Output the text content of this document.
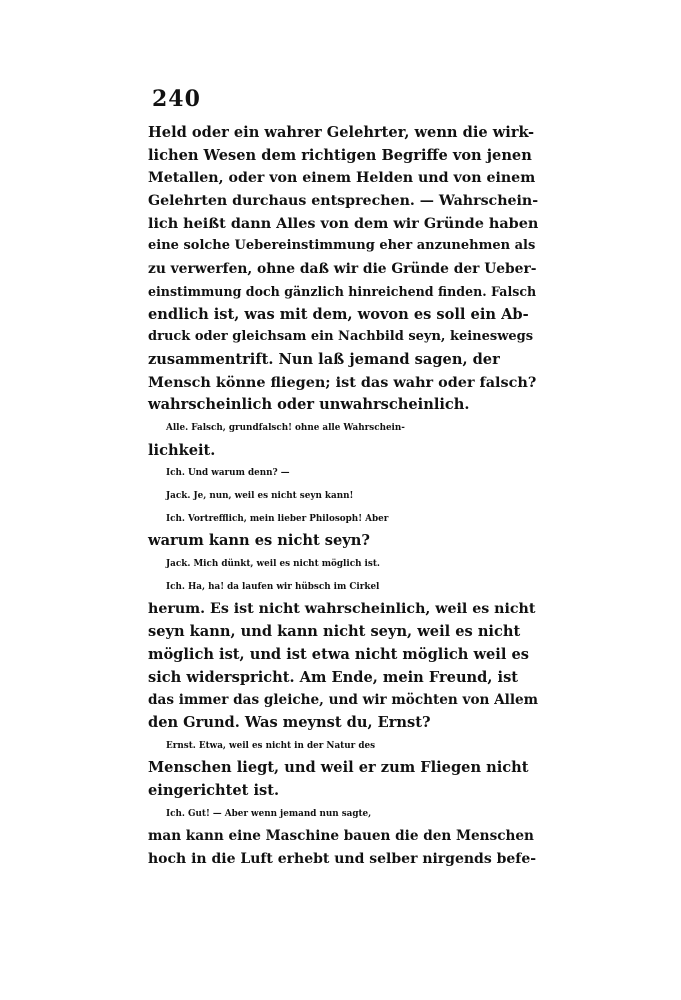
240
Held oder ein wahrer Gelehrter, wenn die wirk-
lichen Wesen dem richtigen Begriffe von jenen
Metallen, oder von einem Helden und von einem
Gelehrten durchaus entsprechen. — Wahrschein-
lich heißt dann Alles von dem wir Gründe haben
eine solche Uebereinstimmung eher anzunehmen als
zu verwerfen, ohne daß wir die Gründe der Ueber-
einstimmung doch gänzlich hinreichend finden. Falsch
endlich ist, was mit dem, wovon es soll ein Ab-
druck oder gleichsam ein Nachbild seyn, keineswegs
zusammentrift. Nun laß jemand sagen, der
Mensch könne fliegen; ist das wahr oder falsch?
wahrscheinlich oder unwahrscheinlich.
Alle. Falsch, grundfalsch! ohne alle Wahrschein-
lichkeit.
Ich. Und warum denn? —
Jack. Je, nun, weil es nicht seyn kann!
Ich. Vortrefflich, mein lieber Philosoph! Aber
warum kann es nicht seyn?
Jack. Mich dünkt, weil es nicht möglich ist.
Ich. Ha, ha! da laufen wir hübsch im Cirkel
herum. Es ist nicht wahrscheinlich, weil es nicht
seyn kann, und kann nicht seyn, weil es nicht
möglich ist, und ist etwa nicht möglich weil es
sich widerspricht. Am Ende, mein Freund, ist
das immer das gleiche, und wir möchten von Allem
den Grund. Was meynst du, Ernst?
Ernst. Etwa, weil es nicht in der Natur des
Menschen liegt, und weil er zum Fliegen nicht
eingerichtet ist.
Ich. Gut! — Aber wenn jemand nun sagte,
man kann eine Maschine bauen die den Menschen
hoch in die Luft erhebt und selber nirgends befe-
